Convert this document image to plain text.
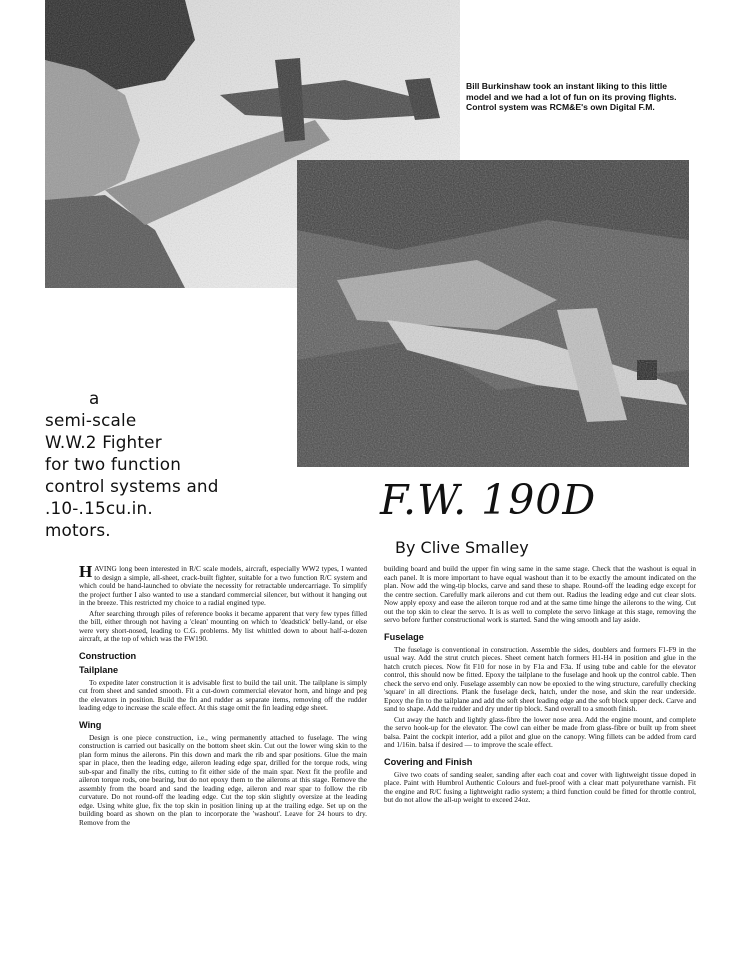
Bill Burkinshaw took an instant liking to this little model and we had a lot of fun on its proving flights. Control system was RCM&E's own Digital F.M.
a
semi-scale
W.W.2 Fighter
for two function
control systems and
.10-.15cu.in.
motors.
F.W. 190D
By Clive Smalley

HAVING long been interested in R/C scale models, aircraft, especially WW2 types, I wanted to design a simple, all-sheet, crack-built fighter, suitable for a two function R/C system and which could be hand-launched to obviate the necessity for retractable undercarriage. To simplify the project further I also wanted to use a standard commercial silencer, but without it hanging out in the breeze. This restricted my choice to a radial engined type.

After searching through piles of reference books it became apparent that very few types filled the bill, either through not having a 'clean' mounting on which to 'deadstick' belly-land, or else were very short-nosed, leading to C.G. problems. My list whittled down to about half-a-dozen aircraft, at the top of which was the FW190.

Construction
Tailplane

To expedite later construction it is advisable first to build the tail unit. The tailplane is simply cut from sheet and sanded smooth. Fit a cut-down commercial elevator horn, and hinge and peg the elevators in position. Build the fin and rudder as separate items, removing off the rudder leading edge to increase the scale effect. At this stage omit the fin leading edge sheet.

Wing

Design is one piece construction, i.e., wing permanently attached to fuselage. The wing construction is carried out basically on the bottom sheet skin. Cut out the lower wing skin to the plan form minus the ailerons. Pin this down and mark the rib and spar positions. Glue the main spar in place, then the leading edge, aileron leading edge spar, drilled for the torque rods, wing sub-spar and finally the ribs, cutting to fit either side of the main spar. Next fit the profile and aileron torque rods, one bearing, but do not epoxy them to the ailerons at this stage. Remove the assembly from the board and sand the leading edge, aileron and rear spar to follow the rib curvature. Do not round-off the leading edge. Cut the top skin slightly oversize at the leading edge. Using white glue, fix the top skin in position lining up at the trailing edge. Set up on the building board as shown on the plan to incorporate the 'washout'. Leave for 24 hours to dry. Remove from the

building board and build the upper fin wing same in the same stage. Check that the washout is equal in each panel. It is more important to have equal washout than it to be exactly the amount indicated on the plan. Now add the wing-tip blocks, carve and sand these to shape. Round-off the leading edge except for the centre section. Carefully mark ailerons and cut them out. Radius the leading edge and cut clear slots. Now apply epoxy and ease the aileron torque rod and at the same time hinge the ailerons to the wing. Cut out the top skin to clear the servo. It is as well to complete the servo linkage at this stage, removing the servo before further constructional work is started. Sand the wing smooth and lay aside.

Fuselage

The fuselage is conventional in construction. Assemble the sides, doublers and formers F1-F9 in the usual way. Add the strut crutch pieces. Sheet cement hatch formers H1-H4 in position and glue in the hatch crutch pieces. Now fit F10 for nose in by F1a and F3a. If using tube and cable for the elevator control, this should now be fitted. Epoxy the tailplane to the fuselage and hook up the control cable. Then check the servo end only. Fuselage assembly can now be epoxied to the wing structure, carefully checking 'square' in all directions. Plank the fuselage deck, hatch, under the nose, and skin the rear underside. Epoxy the fin to the tailplane and add the soft sheet leading edge and the soft block upper deck. Carve and sand to shape. Add the rudder and dry under tip block. Sand overall to a smooth finish.

Cut away the hatch and lightly glass-fibre the lower nose area. Add the engine mount, and complete the servo hook-up for the elevator. The cowl can either be made from glass-fibre or built up from sheet balsa. Paint the cockpit interior, add a pilot and glue on the canopy. Wing fillets can be added from card and 1/16in. balsa if desired — to improve the scale effect.

Covering and Finish

Give two coats of sanding sealer, sanding after each coat and cover with lightweight tissue doped in place. Paint with Humbrol Authentic Colours and fuel-proof with a clear matt polyurethane varnish. Fit the engine and R/C fusing a lightweight radio system; a third function could be fitted for throttle control, but do not allow the all-up weight to exceed 24oz.
